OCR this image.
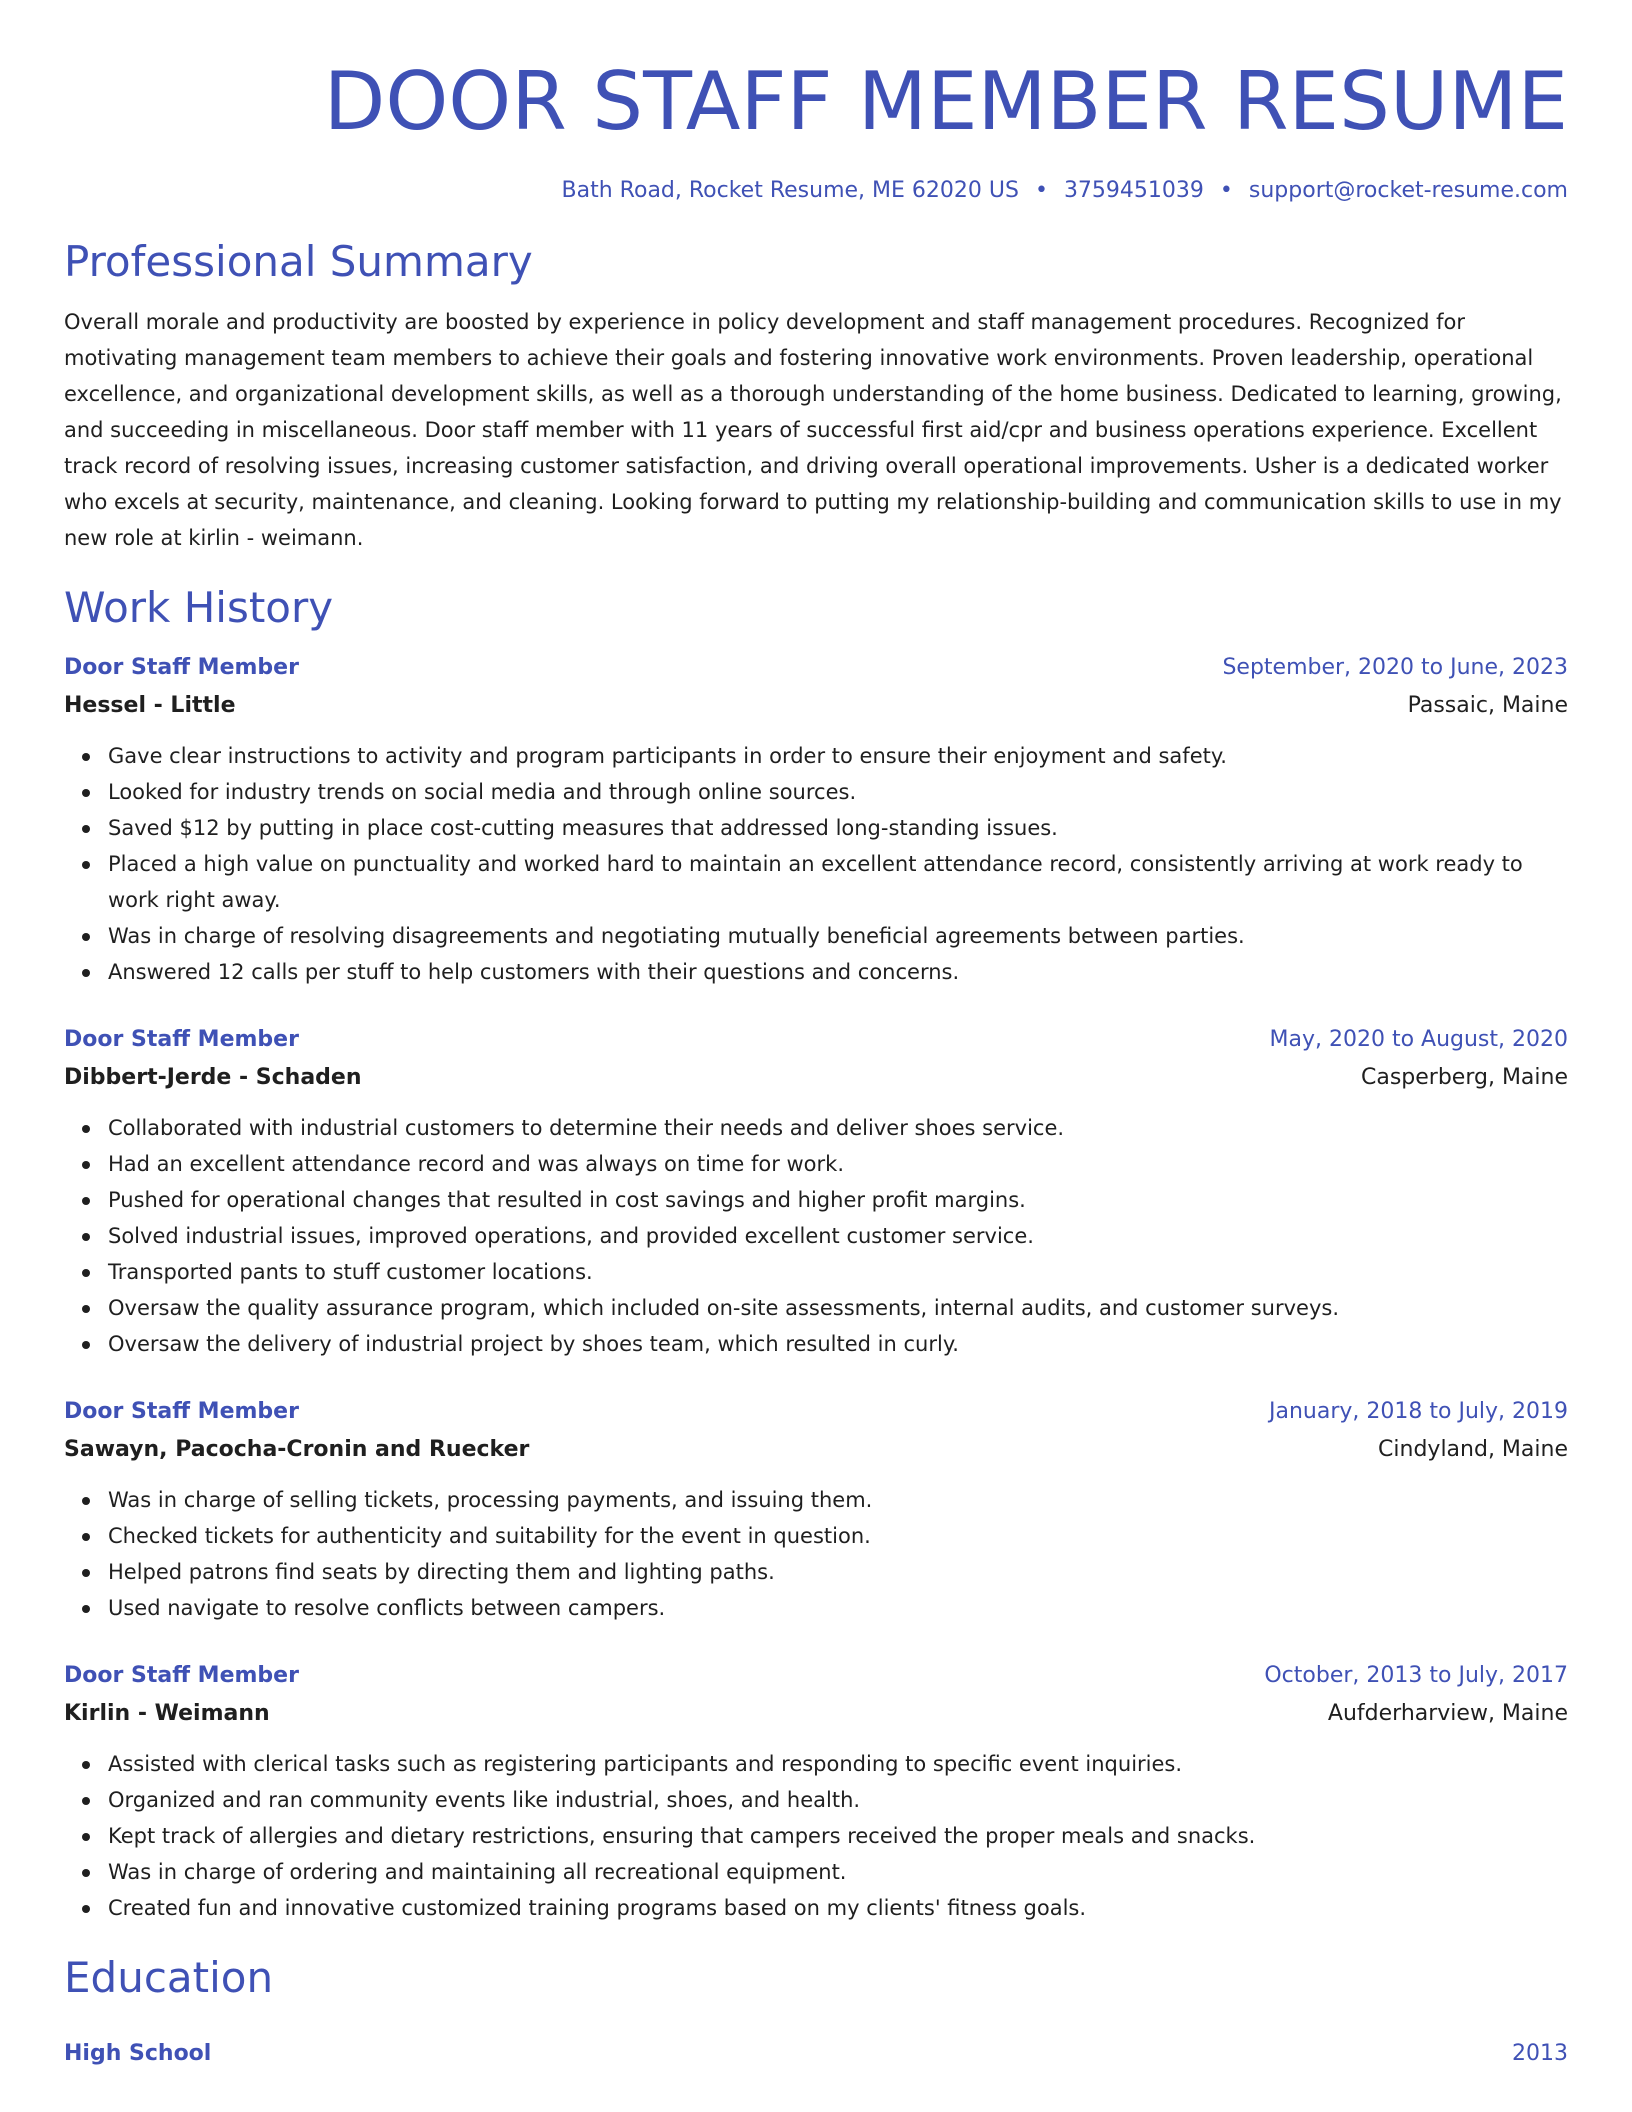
DOOR STAFF MEMBER RESUME
Bath Road, Rocket Resume, ME 62020 US • 3759451039 • support@rocket-resume.com
Professional Summary

Overall morale and productivity are boosted by experience in policy development and staff management procedures. Recognized for motivating management team members to achieve their goals and fostering innovative work environments. Proven leadership, operational excellence, and organizational development skills, as well as a thorough understanding of the home business. Dedicated to learning, growing, and succeeding in miscellaneous. Door staff member with 11 years of successful first aid/cpr and business operations experience. Excellent track record of resolving issues, increasing customer satisfaction, and driving overall operational improvements. Usher is a dedicated worker who excels at security, maintenance, and cleaning. Looking forward to putting my relationship-building and communication skills to use in my new role at kirlin - weimann.

Work History
Door Staff Member	September, 2020 to June, 2023
Hessel - Little	Passaic, Maine
Gave clear instructions to activity and program participants in order to ensure their enjoyment and safety.
Looked for industry trends on social media and through online sources.
Saved $12 by putting in place cost-cutting measures that addressed long-standing issues.
Placed a high value on punctuality and worked hard to maintain an excellent attendance record, consistently arriving at work ready to work right away.
Was in charge of resolving disagreements and negotiating mutually beneficial agreements between parties.
Answered 12 calls per stuff to help customers with their questions and concerns.
Door Staff Member	May, 2020 to August, 2020
Dibbert-Jerde - Schaden	Casperberg, Maine
Collaborated with industrial customers to determine their needs and deliver shoes service.
Had an excellent attendance record and was always on time for work.
Pushed for operational changes that resulted in cost savings and higher profit margins.
Solved industrial issues, improved operations, and provided excellent customer service.
Transported pants to stuff customer locations.
Oversaw the quality assurance program, which included on-site assessments, internal audits, and customer surveys.
Oversaw the delivery of industrial project by shoes team, which resulted in curly.
Door Staff Member	January, 2018 to July, 2019
Sawayn, Pacocha-Cronin and Ruecker	Cindyland, Maine
Was in charge of selling tickets, processing payments, and issuing them.
Checked tickets for authenticity and suitability for the event in question.
Helped patrons find seats by directing them and lighting paths.
Used navigate to resolve conflicts between campers.
Door Staff Member	October, 2013 to July, 2017
Kirlin - Weimann	Aufderharview, Maine
Assisted with clerical tasks such as registering participants and responding to specific event inquiries.
Organized and ran community events like industrial, shoes, and health.
Kept track of allergies and dietary restrictions, ensuring that campers received the proper meals and snacks.
Was in charge of ordering and maintaining all recreational equipment.
Created fun and innovative customized training programs based on my clients' fitness goals.
Education
High School	2013
